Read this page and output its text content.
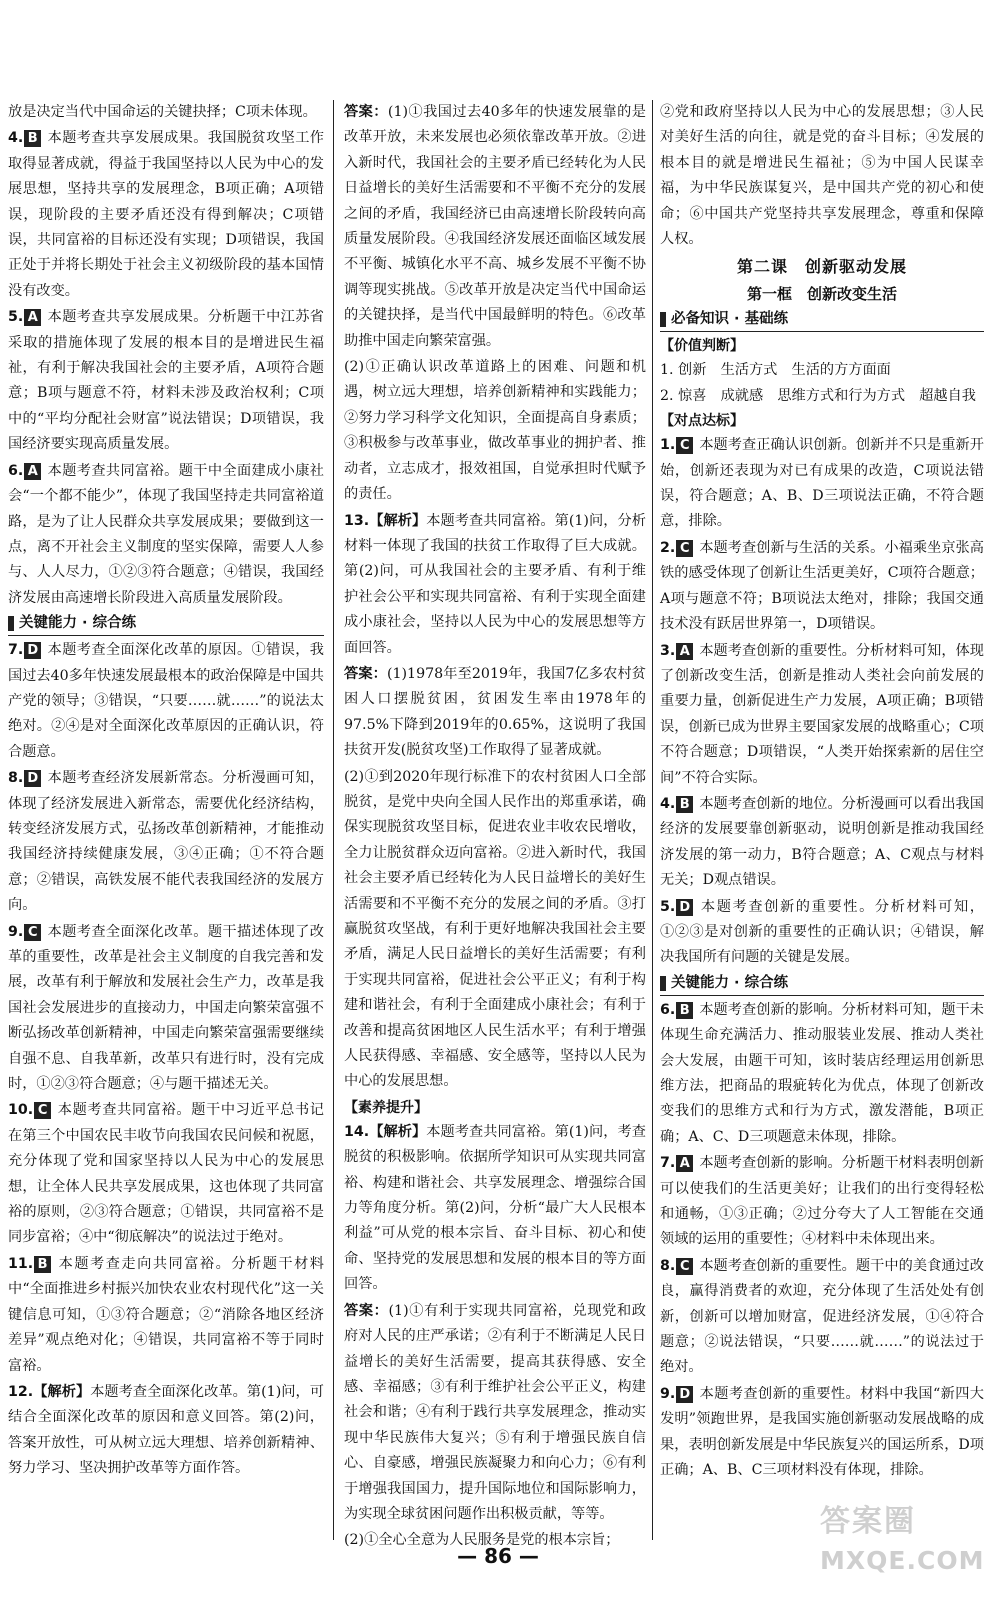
放是决定当代中国命运的关键抉择；C项未体现。

4. B 本题考查共享发展成果。我国脱贫攻坚工作取得显著成就，得益于我国坚持以人民为中心的发展思想，坚持共享的发展理念，B项正确；A项错误，现阶段的主要矛盾还没有得到解决；C项错误，共同富裕的目标还没有实现；D项错误，我国正处于并将长期处于社会主义初级阶段的基本国情没有改变。

5. A 本题考查共享发展成果。分析题干中江苏省采取的措施体现了发展的根本目的是增进民生福祉，有利于解决我国社会的主要矛盾，A项符合题意；B项与题意不符，材料未涉及政治权利；C项中的“平均分配社会财富”说法错误；D项错误，我国经济要实现高质量发展。

6. A 本题考查共同富裕。题干中全面建成小康社会“一个都不能少”，体现了我国坚持走共同富裕道路，是为了让人民群众共享发展成果；要做到这一点，离不开社会主义制度的坚实保障，需要人人参与、人人尽力，①②③符合题意；④错误，我国经济发展由高速增长阶段进入高质量发展阶段。

关键能力 · 综合练

7. D 本题考查全面深化改革的原因。①错误，我国过去40多年快速发展最根本的政治保障是中国共产党的领导；③错误，“只要……就……”的说法太绝对。②④是对全面深化改革原因的正确认识，符合题意。

8. D 本题考查经济发展新常态。分析漫画可知，体现了经济发展进入新常态，需要优化经济结构，转变经济发展方式，弘扬改革创新精神，才能推动我国经济持续健康发展，③④正确；①不符合题意；②错误，高铁发展不能代表我国经济的发展方向。

9. C 本题考查全面深化改革。题干描述体现了改革的重要性，改革是社会主义制度的自我完善和发展，改革有利于解放和发展社会生产力，改革是我国社会发展进步的直接动力，中国走向繁荣富强不断弘扬改革创新精神，中国走向繁荣富强需要继续自强不息、自我革新，改革只有进行时，没有完成时，①②③符合题意；④与题干描述无关。

10. C 本题考查共同富裕。题干中习近平总书记在第三个中国农民丰收节向我国农民问候和祝愿，充分体现了党和国家坚持以人民为中心的发展思想，让全体人民共享发展成果，这也体现了共同富裕的原则，②③符合题意；①错误，共同富裕不是同步富裕；④中“彻底解决”的说法过于绝对。

11. B 本题考查走向共同富裕。分析题干材料中“全面推进乡村振兴加快农业农村现代化”这一关键信息可知，①③符合题意；②“消除各地区经济差异”观点绝对化；④错误，共同富裕不等于同时富裕。

12.【解析】本题考查全面深化改革。第(1)问，可结合全面深化改革的原因和意义回答。第(2)问，答案开放性，可从树立远大理想、培养创新精神、努力学习、坚决拥护改革等方面作答。

答案：(1)①我国过去40多年的快速发展靠的是改革开放，未来发展也必须依靠改革开放。②进入新时代，我国社会的主要矛盾已经转化为人民日益增长的美好生活需要和不平衡不充分的发展之间的矛盾，我国经济已由高速增长阶段转向高质量发展阶段。④我国经济发展还面临区域发展不平衡、城镇化水平不高、城乡发展不平衡不协调等现实挑战。⑤改革开放是决定当代中国命运的关键抉择，是当代中国最鲜明的特色。⑥改革助推中国走向繁荣富强。

(2)①正确认识改革道路上的困难、问题和机遇，树立远大理想，培养创新精神和实践能力；②努力学习科学文化知识，全面提高自身素质；③积极参与改革事业，做改革事业的拥护者、推动者，立志成才，报效祖国，自觉承担时代赋予的责任。

13.【解析】本题考查共同富裕。第(1)问，分析材料一体现了我国的扶贫工作取得了巨大成就。第(2)问，可从我国社会的主要矛盾、有利于维护社会公平和实现共同富裕、有利于实现全面建成小康社会，坚持以人民为中心的发展思想等方面回答。

答案：(1)1978年至2019年，我国7亿多农村贫困人口摆脱贫困，贫困发生率由1978年的97.5%下降到2019年的0.65%，这说明了我国扶贫开发(脱贫攻坚)工作取得了显著成就。

(2)①到2020年现行标准下的农村贫困人口全部脱贫，是党中央向全国人民作出的郑重承诺，确保实现脱贫攻坚目标，促进农业丰收农民增收，全力让脱贫群众迈向富裕。②进入新时代，我国社会主要矛盾已经转化为人民日益增长的美好生活需要和不平衡不充分的发展之间的矛盾。③打赢脱贫攻坚战，有利于更好地解决我国社会主要矛盾，满足人民日益增长的美好生活需要；有利于实现共同富裕，促进社会公平正义；有利于构建和谐社会，有利于全面建成小康社会；有利于改善和提高贫困地区人民生活水平；有利于增强人民获得感、幸福感、安全感等，坚持以人民为中心的发展思想。

【素养提升】

14.【解析】本题考查共同富裕。第(1)问，考查脱贫的积极影响。依据所学知识可从实现共同富裕、构建和谐社会、共享发展理念、增强综合国力等角度分析。第(2)问，分析“最广大人民根本利益”可从党的根本宗旨、奋斗目标、初心和使命、坚持党的发展思想和发展的根本目的等方面回答。

答案：(1)①有利于实现共同富裕，兑现党和政府对人民的庄严承诺；②有利于不断满足人民日益增长的美好生活需要，提高其获得感、安全感、幸福感；③有利于维护社会公平正义，构建社会和谐；④有利于践行共享发展理念，推动实现中华民族伟大复兴；⑤有利于增强民族自信心、自豪感，增强民族凝聚力和向心力；⑥有利于增强我国国力，提升国际地位和国际影响力，为实现全球贫困问题作出积极贡献，等等。

(2)①全心全意为人民服务是党的根本宗旨；

②党和政府坚持以人民为中心的发展思想；③人民对美好生活的向往，就是党的奋斗目标；④发展的根本目的就是增进民生福祉；⑤为中国人民谋幸福，为中华民族谋复兴，是中国共产党的初心和使命；⑥中国共产党坚持共享发展理念，尊重和保障人权。

第二课　创新驱动发展
第一框　创新改变生活
必备知识 · 基础练
【价值判断】

1. 创新　生活方式　生活的方方面面

2. 惊喜　成就感　思维方式和行为方式　超越自我

【对点达标】

1. C 本题考查正确认识创新。创新并不只是重新开始，创新还表现为对已有成果的改造，C项说法错误，符合题意；A、B、D三项说法正确，不符合题意，排除。

2. C 本题考查创新与生活的关系。小福乘坐京张高铁的感受体现了创新让生活更美好，C项符合题意；A项与题意不符；B项说法太绝对，排除；我国交通技术没有跃居世界第一，D项错误。

3. A 本题考查创新的重要性。分析材料可知，体现了创新改变生活，创新是推动人类社会向前发展的重要力量，创新促进生产力发展，A项正确；B项错误，创新已成为世界主要国家发展的战略重心；C项不符合题意；D项错误，“人类开始探索新的居住空间”不符合实际。

4. B 本题考查创新的地位。分析漫画可以看出我国经济的发展要靠创新驱动，说明创新是推动我国经济发展的第一动力，B符合题意；A、C观点与材料无关；D观点错误。

5. D 本题考查创新的重要性。分析材料可知，①②③是对创新的重要性的正确认识；④错误，解决我国所有问题的关键是发展。

关键能力 · 综合练

6. B 本题考查创新的影响。分析材料可知，题干未体现生命充满活力、推动服装业发展、推动人类社会大发展，由题干可知，该时装店经理运用创新思维方法，把商品的瑕疵转化为优点，体现了创新改变我们的思维方式和行为方式，激发潜能，B项正确；A、C、D三项题意未体现，排除。

7. A 本题考查创新的影响。分析题干材料表明创新可以使我们的生活更美好；让我们的出行变得轻松和通畅，①③正确；②过分夸大了人工智能在交通领域的运用的重要性；④材料中未体现出来。

8. C 本题考查创新的重要性。题干中的美食通过改良，赢得消费者的欢迎，充分体现了生活处处有创新，创新可以增加财富，促进经济发展，①④符合题意；②说法错误，“只要……就……”的说法过于绝对。

9. D 本题考查创新的重要性。材料中我国“新四大发明”领跑世界，是我国实施创新驱动发展战略的成果，表明创新发展是中华民族复兴的国运所系，D项正确；A、B、C三项材料没有体现，排除。

— 86 —
答案圈
MXQE.COM
